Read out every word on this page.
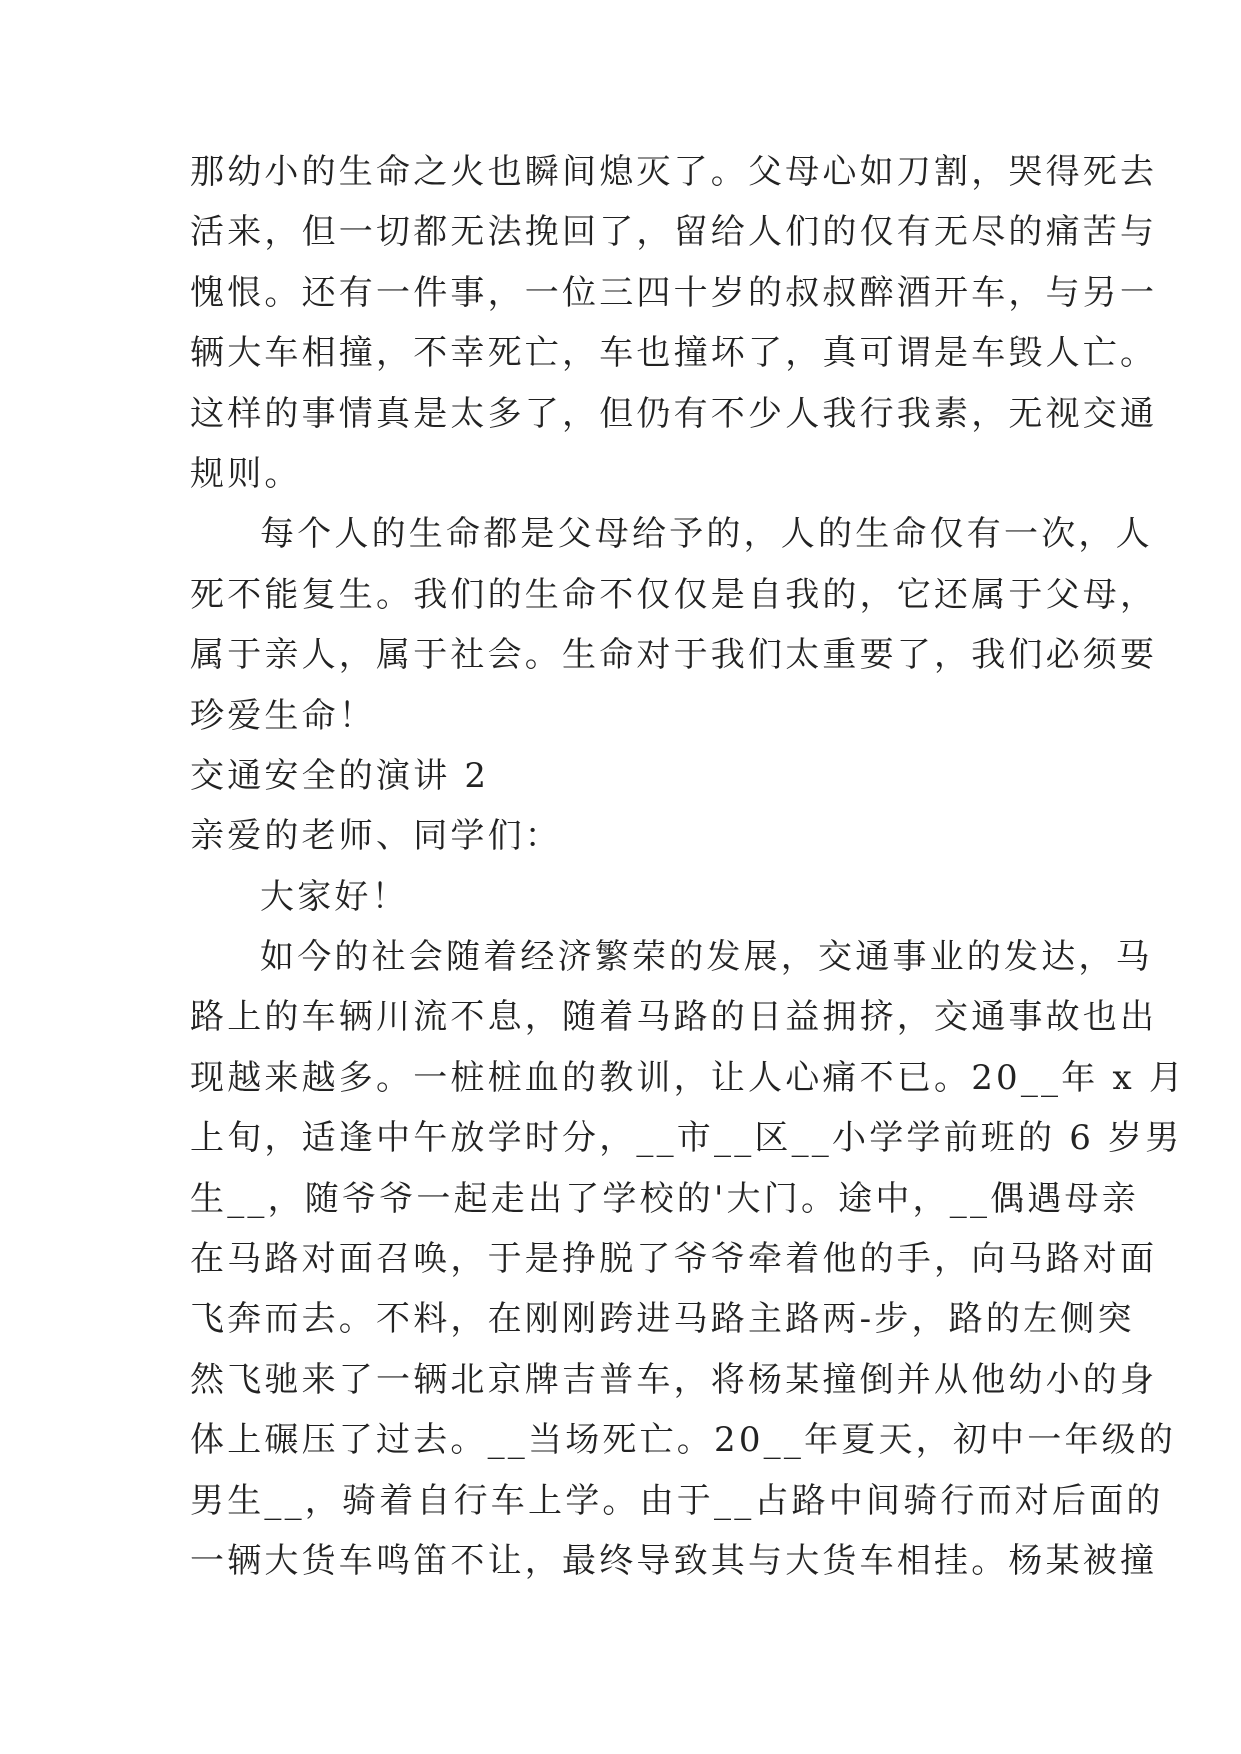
那幼小的生命之火也瞬间熄灭了。父母心如刀割，哭得死去
活来，但一切都无法挽回了，留给人们的仅有无尽的痛苦与
愧恨。还有一件事，一位三四十岁的叔叔醉酒开车，与另一
辆大车相撞，不幸死亡，车也撞坏了，真可谓是车毁人亡。
这样的事情真是太多了，但仍有不少人我行我素，无视交通
规则。
每个人的生命都是父母给予的，人的生命仅有一次，人
死不能复生。我们的生命不仅仅是自我的，它还属于父母，
属于亲人，属于社会。生命对于我们太重要了，我们必须要
珍爱生命！
交通安全的演讲 2
亲爱的老师、同学们：
大家好！
如今的社会随着经济繁荣的发展，交通事业的发达，马
路上的车辆川流不息，随着马路的日益拥挤，交通事故也出
现越来越多。一桩桩血的教训，让人心痛不已。20__年 x 月
上旬，适逢中午放学时分，__市__区__小学学前班的 6 岁男
生__，随爷爷一起走出了学校的'大门。途中，__偶遇母亲
在马路对面召唤，于是挣脱了爷爷牵着他的手，向马路对面
飞奔而去。不料，在刚刚跨进马路主路两-步，路的左侧突
然飞驰来了一辆北京牌吉普车，将杨某撞倒并从他幼小的身
体上碾压了过去。__当场死亡。20__年夏天，初中一年级的
男生__，骑着自行车上学。由于__占路中间骑行而对后面的
一辆大货车鸣笛不让，最终导致其与大货车相挂。杨某被撞
